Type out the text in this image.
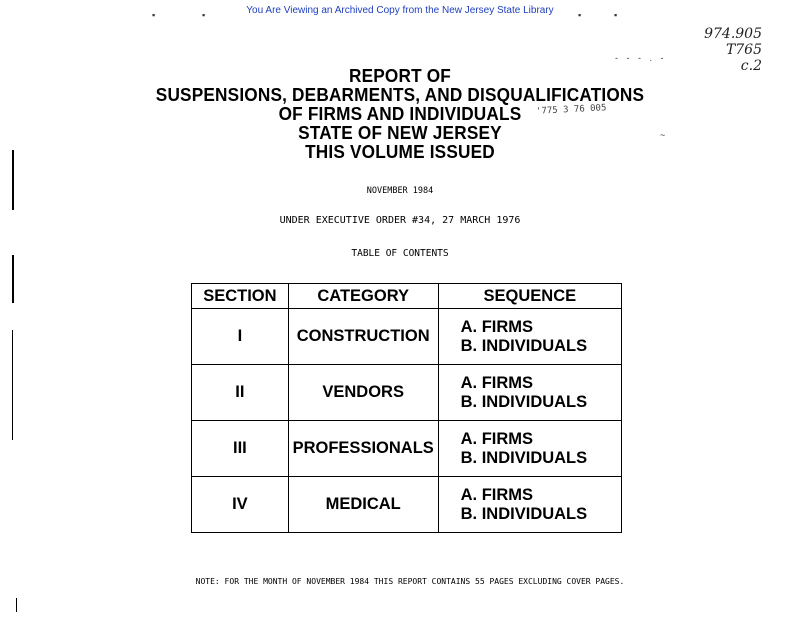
You Are Viewing an Archived Copy from the New Jersey State Library
974.905
T765
c.2
REPORT OF
SUSPENSIONS, DEBARMENTS, AND DISQUALIFICATIONS
OF FIRMS AND INDIVIDUALS
STATE OF NEW JERSEY
THIS VOLUME ISSUED
'775 3 76 005
NOVEMBER 1984
UNDER EXECUTIVE ORDER #34, 27 MARCH 1976
TABLE OF CONTENTS
SECTION	CATEGORY	SEQUENCE
I	CONSTRUCTION	A. FIRMS
B. INDIVIDUALS

II	VENDORS	A. FIRMS
B. INDIVIDUALS

III	PROFESSIONALS	A. FIRMS
B. INDIVIDUALS

IV	MEDICAL	A. FIRMS
B. INDIVIDUALS
NOTE: FOR THE MONTH OF NOVEMBER 1984 THIS REPORT CONTAINS 55 PAGES EXCLUDING COVER PAGES.
▪	▪	▪	▪
- - - . -
~
